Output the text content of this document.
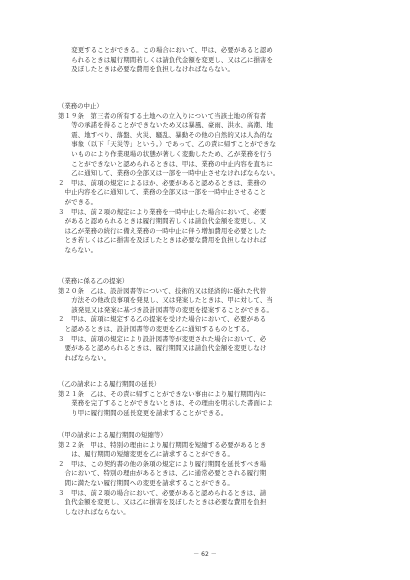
変更することができる。この場合において、甲は、必要があると認め
られるときは履行期間若しくは請負代金額を変更し、又は乙に損害を
及ぼしたときは必要な費用を負担しなければならない。
（業務の中止）
第１９条　第三者の所有する土地への立入りについて当該土地の所有者
等の承諾を得ることができないため又は暴風、豪雨、洪水、高潮、地
震、地すべり、落盤、火災、騒乱、暴動その他の自然的又は人為的な
事象（以下「天災等」という。）であって、乙の責に帰すことができな
いものにより作業現場の状態が著しく変動したため、乙が業務を行う
ことができないと認められるときは、甲は、業務の中止内容を直ちに
乙に通知して、業務の全部又は一部を一時中止させなければならない。
２　甲は、前項の規定によるほか、必要があると認めるときは、業務の
中止内容を乙に通知して、業務の全部又は一部を一時中止させること
ができる。
３　甲は、前２項の規定により業務を一時中止した場合において、必要
があると認められるときは履行期間若しくは請負代金額を変更し、又
は乙が業務の続行に備え業務の一時中止に伴う増加費用を必要とした
とき若しくは乙に損害を及ぼしたときは必要な費用を負担しなければ
ならない。
（業務に係る乙の提案）
第２０条　乙は、設計図書等について、技術的又は経済的に優れた代替
方法その他改良事項を発見し、又は発案したときは、甲に対して、当
該発見又は発案に基づき設計図書等の変更を提案することができる。
２　甲は、前項に規定する乙の提案を受けた場合において、必要がある
と認めるときは、設計図書等の変更を乙に通知するものとする。
３　甲は、前項の規定により設計図書等が変更された場合において、必
要があると認められるときは、履行期間又は請負代金額を変更しなけ
ればならない。
（乙の請求による履行期間の延長）
第２１条　乙は、その責に帰すことができない事由により履行期間内に
業務を完了することができないときは、その理由を明示した書面によ
り甲に履行期間の延長変更を請求することができる。
（甲の請求による履行期間の短縮等）
第２２条　甲は、特別の理由により履行期間を短縮する必要があるとき
は、履行期間の短縮変更を乙に請求することができる。
２　甲は、この契約書の他の条項の規定により履行期間を延長すべき場
合において、特別の理由があるときは、乙に通常必要とされる履行期
間に満たない履行期間への変更を請求することができる。
３　甲は、前２項の場合において、必要があると認められるときは、請
負代金額を変更し、又は乙に損害を及ぼしたときは必要な費用を負担
しなければならない。
－ 62 －
